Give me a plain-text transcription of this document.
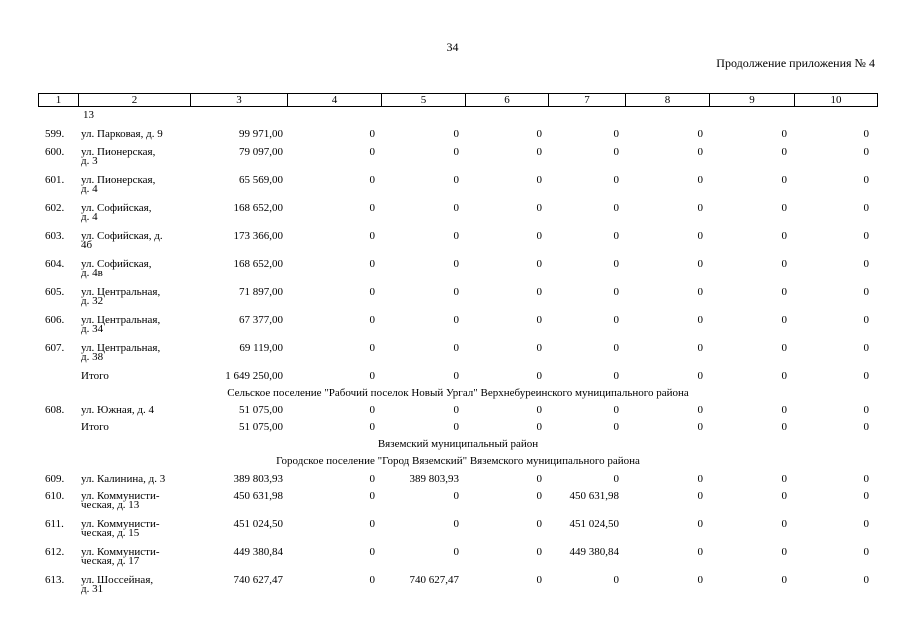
34
Продолжение приложения № 4
1	2	3	4	5	6	7	8	9	10
13
599. ул. Парковая, д. 9	99 971,00	0	0	0	0	0	0	0
600. ул. Пионерская,
д. 3
79 097,00	0	0	0	0	0	0	0
601. ул. Пионерская,
д. 4
65 569,00	0	0	0	0	0	0	0
602. ул. Софийская,
д. 4
168 652,00	0	0	0	0	0	0	0
603. ул. Софийская, д.
4б
173 366,00	0	0	0	0	0	0	0
604. ул. Софийская,
д. 4в
168 652,00	0	0	0	0	0	0	0
605. ул. Центральная,
д. 32
71 897,00	0	0	0	0	0	0	0
606. ул. Центральная,
д. 34
67 377,00	0	0	0	0	0	0	0
607. ул. Центральная,
д. 38
69 119,00	0	0	0	0	0	0	0
Итого	1 649 250,00	0	0	0	0	0	0	0
Сельское поселение "Рабочий поселок Новый Ургал" Верхнебуреинского муниципального района
608. ул. Южная, д. 4	51 075,00	0	0	0	0	0	0	0
Итого	51 075,00	0	0	0	0	0	0	0
Вяземский муниципальный район
Городское поселение "Город Вяземский" Вяземского муниципального района
609. ул. Калинина, д. 3	389 803,93	0	389 803,93	0	0	0	0	0
610. ул. Коммунисти-
ческая, д. 13
450 631,98	0	0	0	450 631,98	0	0	0
611. ул. Коммунисти-
ческая, д. 15
451 024,50	0	0	0	451 024,50	0	0	0
612. ул. Коммунисти-
ческая, д. 17
449 380,84	0	0	0	449 380,84	0	0	0
613. ул. Шоссейная,
д. 31
740 627,47	0	740 627,47	0	0	0	0	0
